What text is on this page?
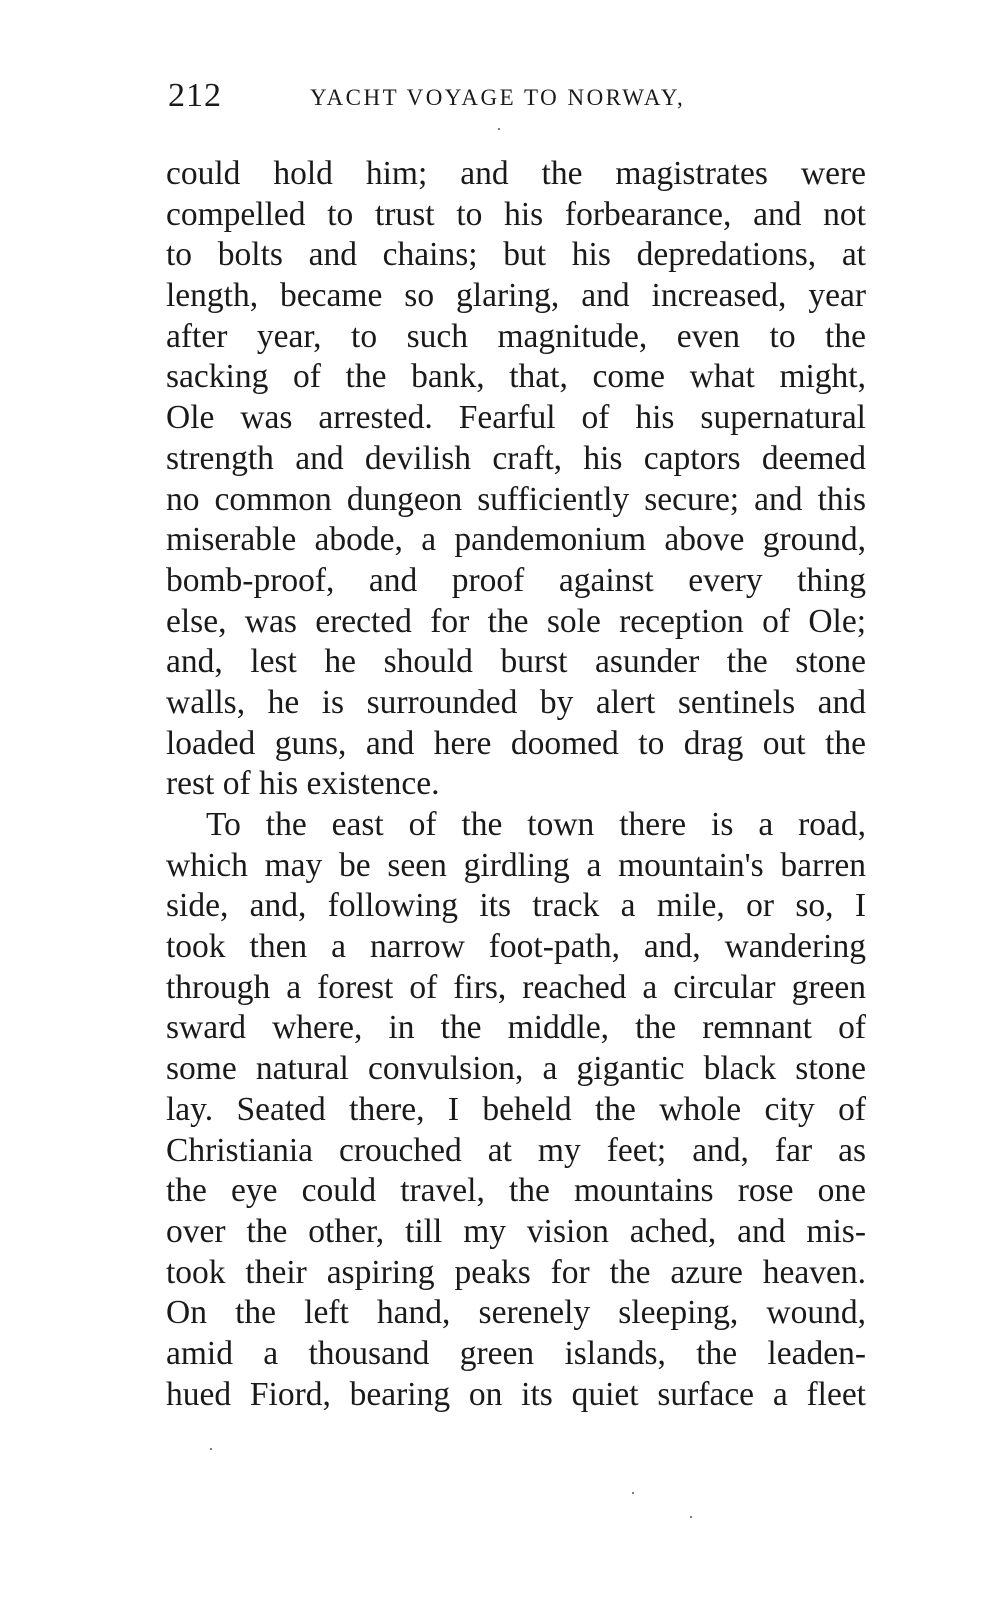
212	YACHT VOYAGE TO NORWAY,
could hold him; and the magistrates were
compelled to trust to his forbearance, and not
to bolts and chains; but his depredations, at
length, became so glaring, and increased, year
after year, to such magnitude, even to the
sacking of the bank, that, come what might,
Ole was arrested. Fearful of his supernatural
strength and devilish craft, his captors deemed
no common dungeon sufficiently secure; and this
miserable abode, a pandemonium above ground,
bomb-proof, and proof against every thing
else, was erected for the sole reception of Ole;
and, lest he should burst asunder the stone
walls, he is surrounded by alert sentinels and
loaded guns, and here doomed to drag out the
rest of his existence.
To the east of the town there is a road,
which may be seen girdling a mountain's barren
side, and, following its track a mile, or so, I
took then a narrow foot-path, and, wandering
through a forest of firs, reached a circular green
sward where, in the middle, the remnant of
some natural convulsion, a gigantic black stone
lay. Seated there, I beheld the whole city of
Christiania crouched at my feet; and, far as
the eye could travel, the mountains rose one
over the other, till my vision ached, and mis-
took their aspiring peaks for the azure heaven.
On the left hand, serenely sleeping, wound,
amid a thousand green islands, the leaden-
hued Fiord, bearing on its quiet surface a fleet
